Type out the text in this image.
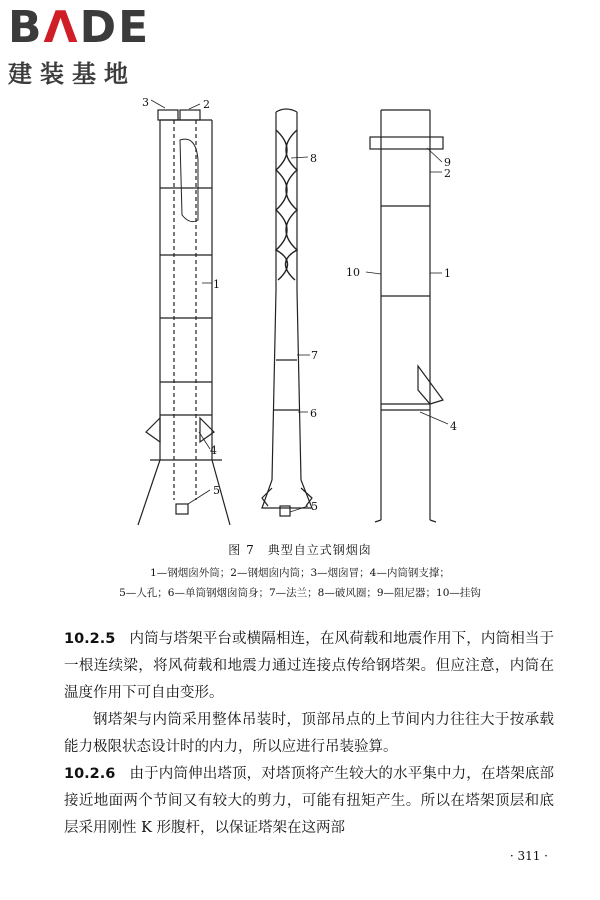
BΛDE
建装基地
3	2
1
4
5
8
7
6
5
9
2
10	1
4
图 7　典型自立式钢烟囱
1—钢烟囱外筒；2—钢烟囱内筒；3—烟囱冒；4—内筒钢支撑；
5—人孔；6—单筒钢烟囱筒身；7—法兰；8—破风圈；9—阻尼器；10—挂钩
10.2.5 内筒与塔架平台或横隔相连，在风荷载和地震作用下，内筒相当于一根连续梁，将风荷载和地震力通过连接点传给钢塔架。但应注意，内筒在温度作用下可自由变形。
钢塔架与内筒采用整体吊装时，顶部吊点的上节间内力往往大于按承载能力极限状态设计时的内力，所以应进行吊装验算。
10.2.6 由于内筒伸出塔顶，对塔顶将产生较大的水平集中力，在塔架底部接近地面两个节间又有较大的剪力，可能有扭矩产生。所以在塔架顶层和底层采用刚性 K 形腹杆，以保证塔架在这两部
· 311 ·
